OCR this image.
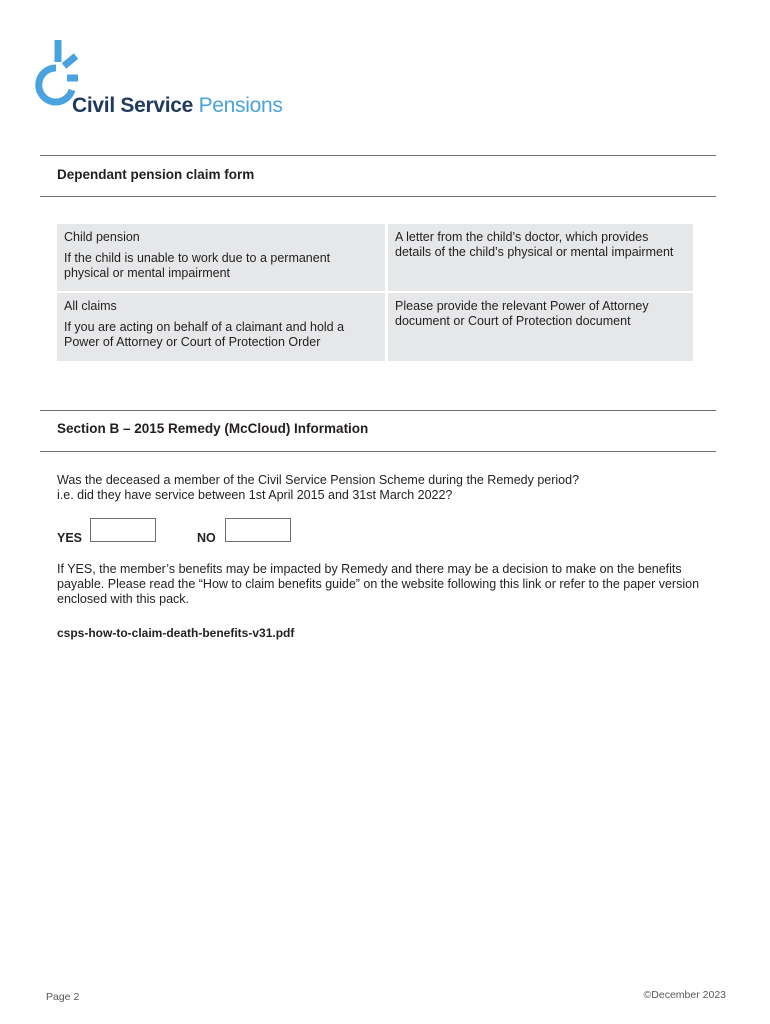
Civil Service Pensions
Dependant pension claim form
Child pension
If the child is unable to work due to a permanent physical or mental impairment
A letter from the child’s doctor, which provides details of the child’s physical or mental impairment
All claims
If you are acting on behalf of a claimant and hold a Power of Attorney or Court of Protection Order
Please provide the relevant Power of Attorney document or Court of Protection document
Section B – 2015 Remedy (McCloud) Information
Was the deceased a member of the Civil Service Pension Scheme during the Remedy period?
i.e. did they have service between 1st April 2015 and 31st March 2022?
YES	NO
If YES, the member’s benefits may be impacted by Remedy and there may be a decision to make on the benefits payable. Please read the “How to claim benefits guide” on the website following this link or refer to the paper version enclosed with this pack.
csps-how-to-claim-death-benefits-v31.pdf
Page 2	©December 2023
